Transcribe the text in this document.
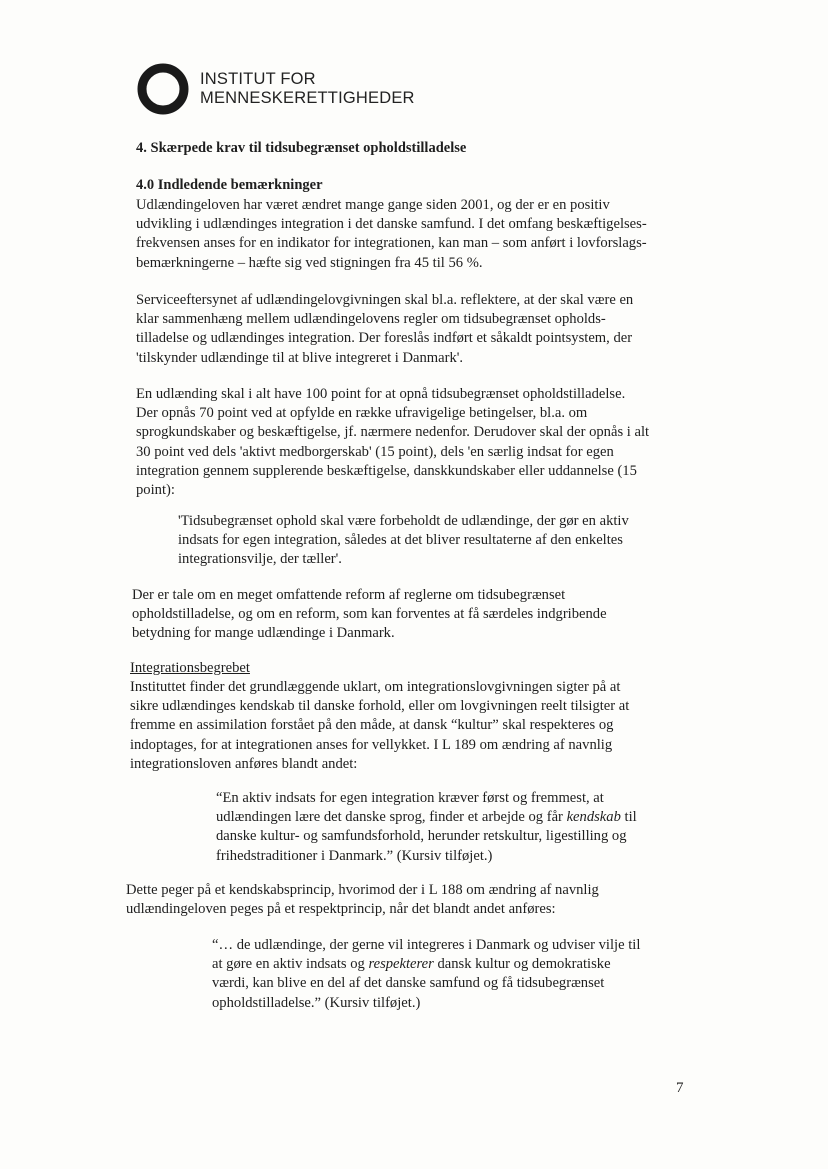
INSTITUT FOR
MENNESKERETTIGHEDER
4. Skærpede krav til tidsubegrænset opholdstilladelse
4.0 Indledende bemærkninger
Udlændingeloven har været ændret mange gange siden 2001, og der er en positiv
udvikling i udlændinges integration i det danske samfund. I det omfang beskæftigelses-
frekvensen anses for en indikator for integrationen, kan man – som anført i lovforslags-
bemærkningerne – hæfte sig ved stigningen fra 45 til 56 %.
Serviceeftersynet af udlændingelovgivningen skal bl.a. reflektere, at der skal være en
klar sammenhæng mellem udlændingelovens regler om tidsubegrænset opholds-
tilladelse og udlændinges integration. Der foreslås indført et såkaldt pointsystem, der
'tilskynder udlændinge til at blive integreret i Danmark'.
En udlænding skal i alt have 100 point for at opnå tidsubegrænset opholdstilladelse.
Der opnås 70 point ved at opfylde en række ufravigelige betingelser, bl.a. om
sprogkundskaber og beskæftigelse, jf. nærmere nedenfor. Derudover skal der opnås i alt
30 point ved dels 'aktivt medborgerskab' (15 point), dels 'en særlig indsat for egen
integration gennem supplerende beskæftigelse, danskkundskaber eller uddannelse (15
point):
'Tidsubegrænset ophold skal være forbeholdt de udlændinge, der gør en aktiv
indsats for egen integration, således at det bliver resultaterne af den enkeltes
integrationsvilje, der tæller'.
Der er tale om en meget omfattende reform af reglerne om tidsubegrænset
opholdstilladelse, og om en reform, som kan forventes at få særdeles indgribende
betydning for mange udlændinge i Danmark.
Integrationsbegrebet
Instituttet finder det grundlæggende uklart, om integrationslovgivningen sigter på at
sikre udlændinges kendskab til danske forhold, eller om lovgivningen reelt tilsigter at
fremme en assimilation forstået på den måde, at dansk “kultur” skal respekteres og
indoptages, for at integrationen anses for vellykket. I L 189 om ændring af navnlig
integrationsloven anføres blandt andet:
“En aktiv indsats for egen integration kræver først og fremmest, at
udlændingen lære det danske sprog, finder et arbejde og får kendskab til
danske kultur- og samfundsforhold, herunder retskultur, ligestilling og
frihedstraditioner i Danmark.” (Kursiv tilføjet.)
Dette peger på et kendskabsprincip, hvorimod der i L 188 om ændring af navnlig
udlændingeloven peges på et respektprincip, når det blandt andet anføres:
“… de udlændinge, der gerne vil integreres i Danmark og udviser vilje til
at gøre en aktiv indsats og respekterer dansk kultur og demokratiske
værdi, kan blive en del af det danske samfund og få tidsubegrænset
opholdstilladelse.” (Kursiv tilføjet.)
7
